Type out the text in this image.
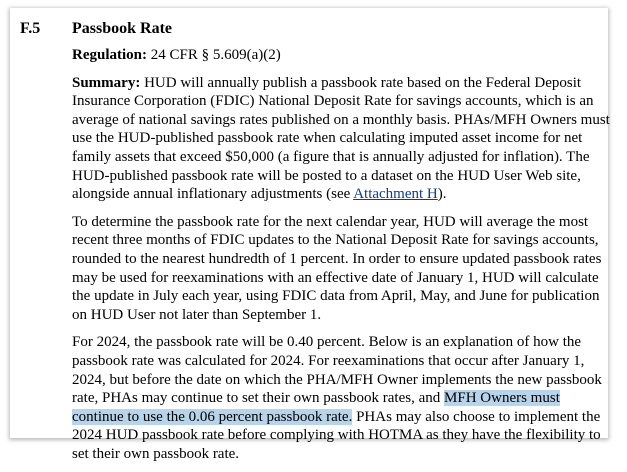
F.5 Passbook Rate

Regulation: 24 CFR § 5.609(a)(2)

Summary: HUD will annually publish a passbook rate based on the Federal Deposit Insurance Corporation (FDIC) National Deposit Rate for savings accounts, which is an average of national savings rates published on a monthly basis. PHAs/MFH Owners must use the HUD-published passbook rate when calculating imputed asset income for net family assets that exceed $50,000 (a figure that is annually adjusted for inflation). The HUD-published passbook rate will be posted to a dataset on the HUD User Web site, alongside annual inflationary adjustments (see Attachment H).

To determine the passbook rate for the next calendar year, HUD will average the most recent three months of FDIC updates to the National Deposit Rate for savings accounts, rounded to the nearest hundredth of 1 percent. In order to ensure updated passbook rates may be used for reexaminations with an effective date of January 1, HUD will calculate the update in July each year, using FDIC data from April, May, and June for publication on HUD User not later than September 1.

For 2024, the passbook rate will be 0.40 percent. Below is an explanation of how the passbook rate was calculated for 2024. For reexaminations that occur after January 1, 2024, but before the date on which the PHA/MFH Owner implements the new passbook rate, PHAs may continue to set their own passbook rates, and MFH Owners must continue to use the 0.06 percent passbook rate. PHAs may also choose to implement the 2024 HUD passbook rate before complying with HOTMA as they have the flexibility to set their own passbook rate.
